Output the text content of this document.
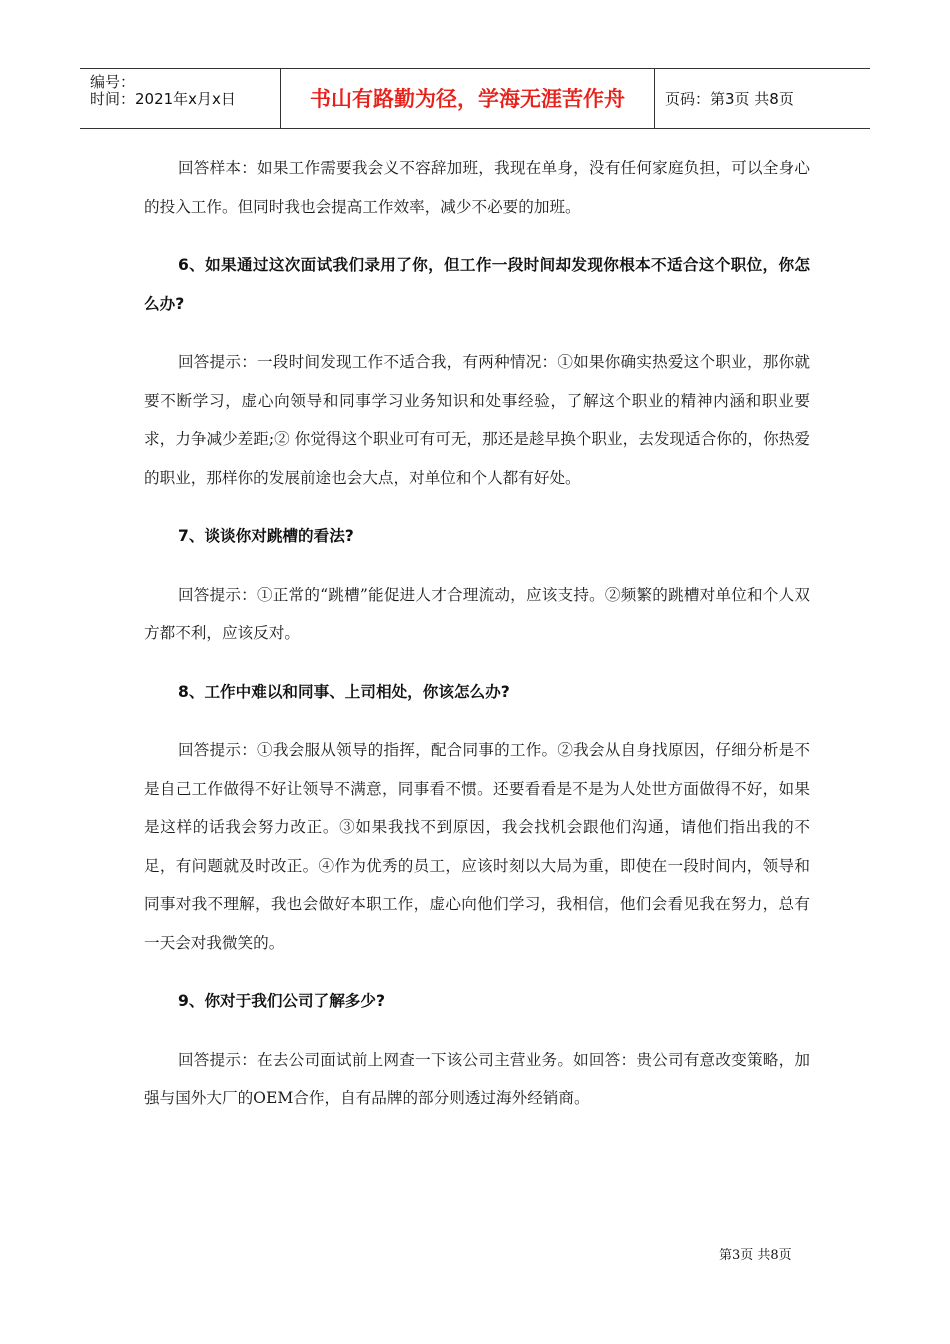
编号：
时间：2021年x月x日	书山有路勤为径，学海无涯苦作舟	页码：第3页 共8页

回答样本：如果工作需要我会义不容辞加班，我现在单身，没有任何家庭负担，可以全身心的投入工作。但同时我也会提高工作效率，减少不必要的加班。

6、如果通过这次面试我们录用了你，但工作一段时间却发现你根本不适合这个职位，你怎么办?

回答提示：一段时间发现工作不适合我，有两种情况：①如果你确实热爱这个职业，那你就要不断学习，虚心向领导和同事学习业务知识和处事经验，了解这个职业的精神内涵和职业要求，力争减少差距;② 你觉得这个职业可有可无，那还是趁早换个职业，去发现适合你的，你热爱的职业，那样你的发展前途也会大点，对单位和个人都有好处。

7、谈谈你对跳槽的看法?

回答提示：①正常的“跳槽”能促进人才合理流动，应该支持。②频繁的跳槽对单位和个人双方都不利，应该反对。

8、工作中难以和同事、上司相处，你该怎么办?

回答提示：①我会服从领导的指挥，配合同事的工作。②我会从自身找原因，仔细分析是不是自己工作做得不好让领导不满意，同事看不惯。还要看看是不是为人处世方面做得不好，如果是这样的话我会努力改正。③如果我找不到原因，我会找机会跟他们沟通，请他们指出我的不足，有问题就及时改正。④作为优秀的员工，应该时刻以大局为重，即使在一段时间内，领导和同事对我不理解，我也会做好本职工作，虚心向他们学习，我相信，他们会看见我在努力，总有一天会对我微笑的。

9、你对于我们公司了解多少?

回答提示：在去公司面试前上网查一下该公司主营业务。如回答：贵公司有意改变策略，加强与国外大厂的OEM合作，自有品牌的部分则透过海外经销商。

第3页 共8页
